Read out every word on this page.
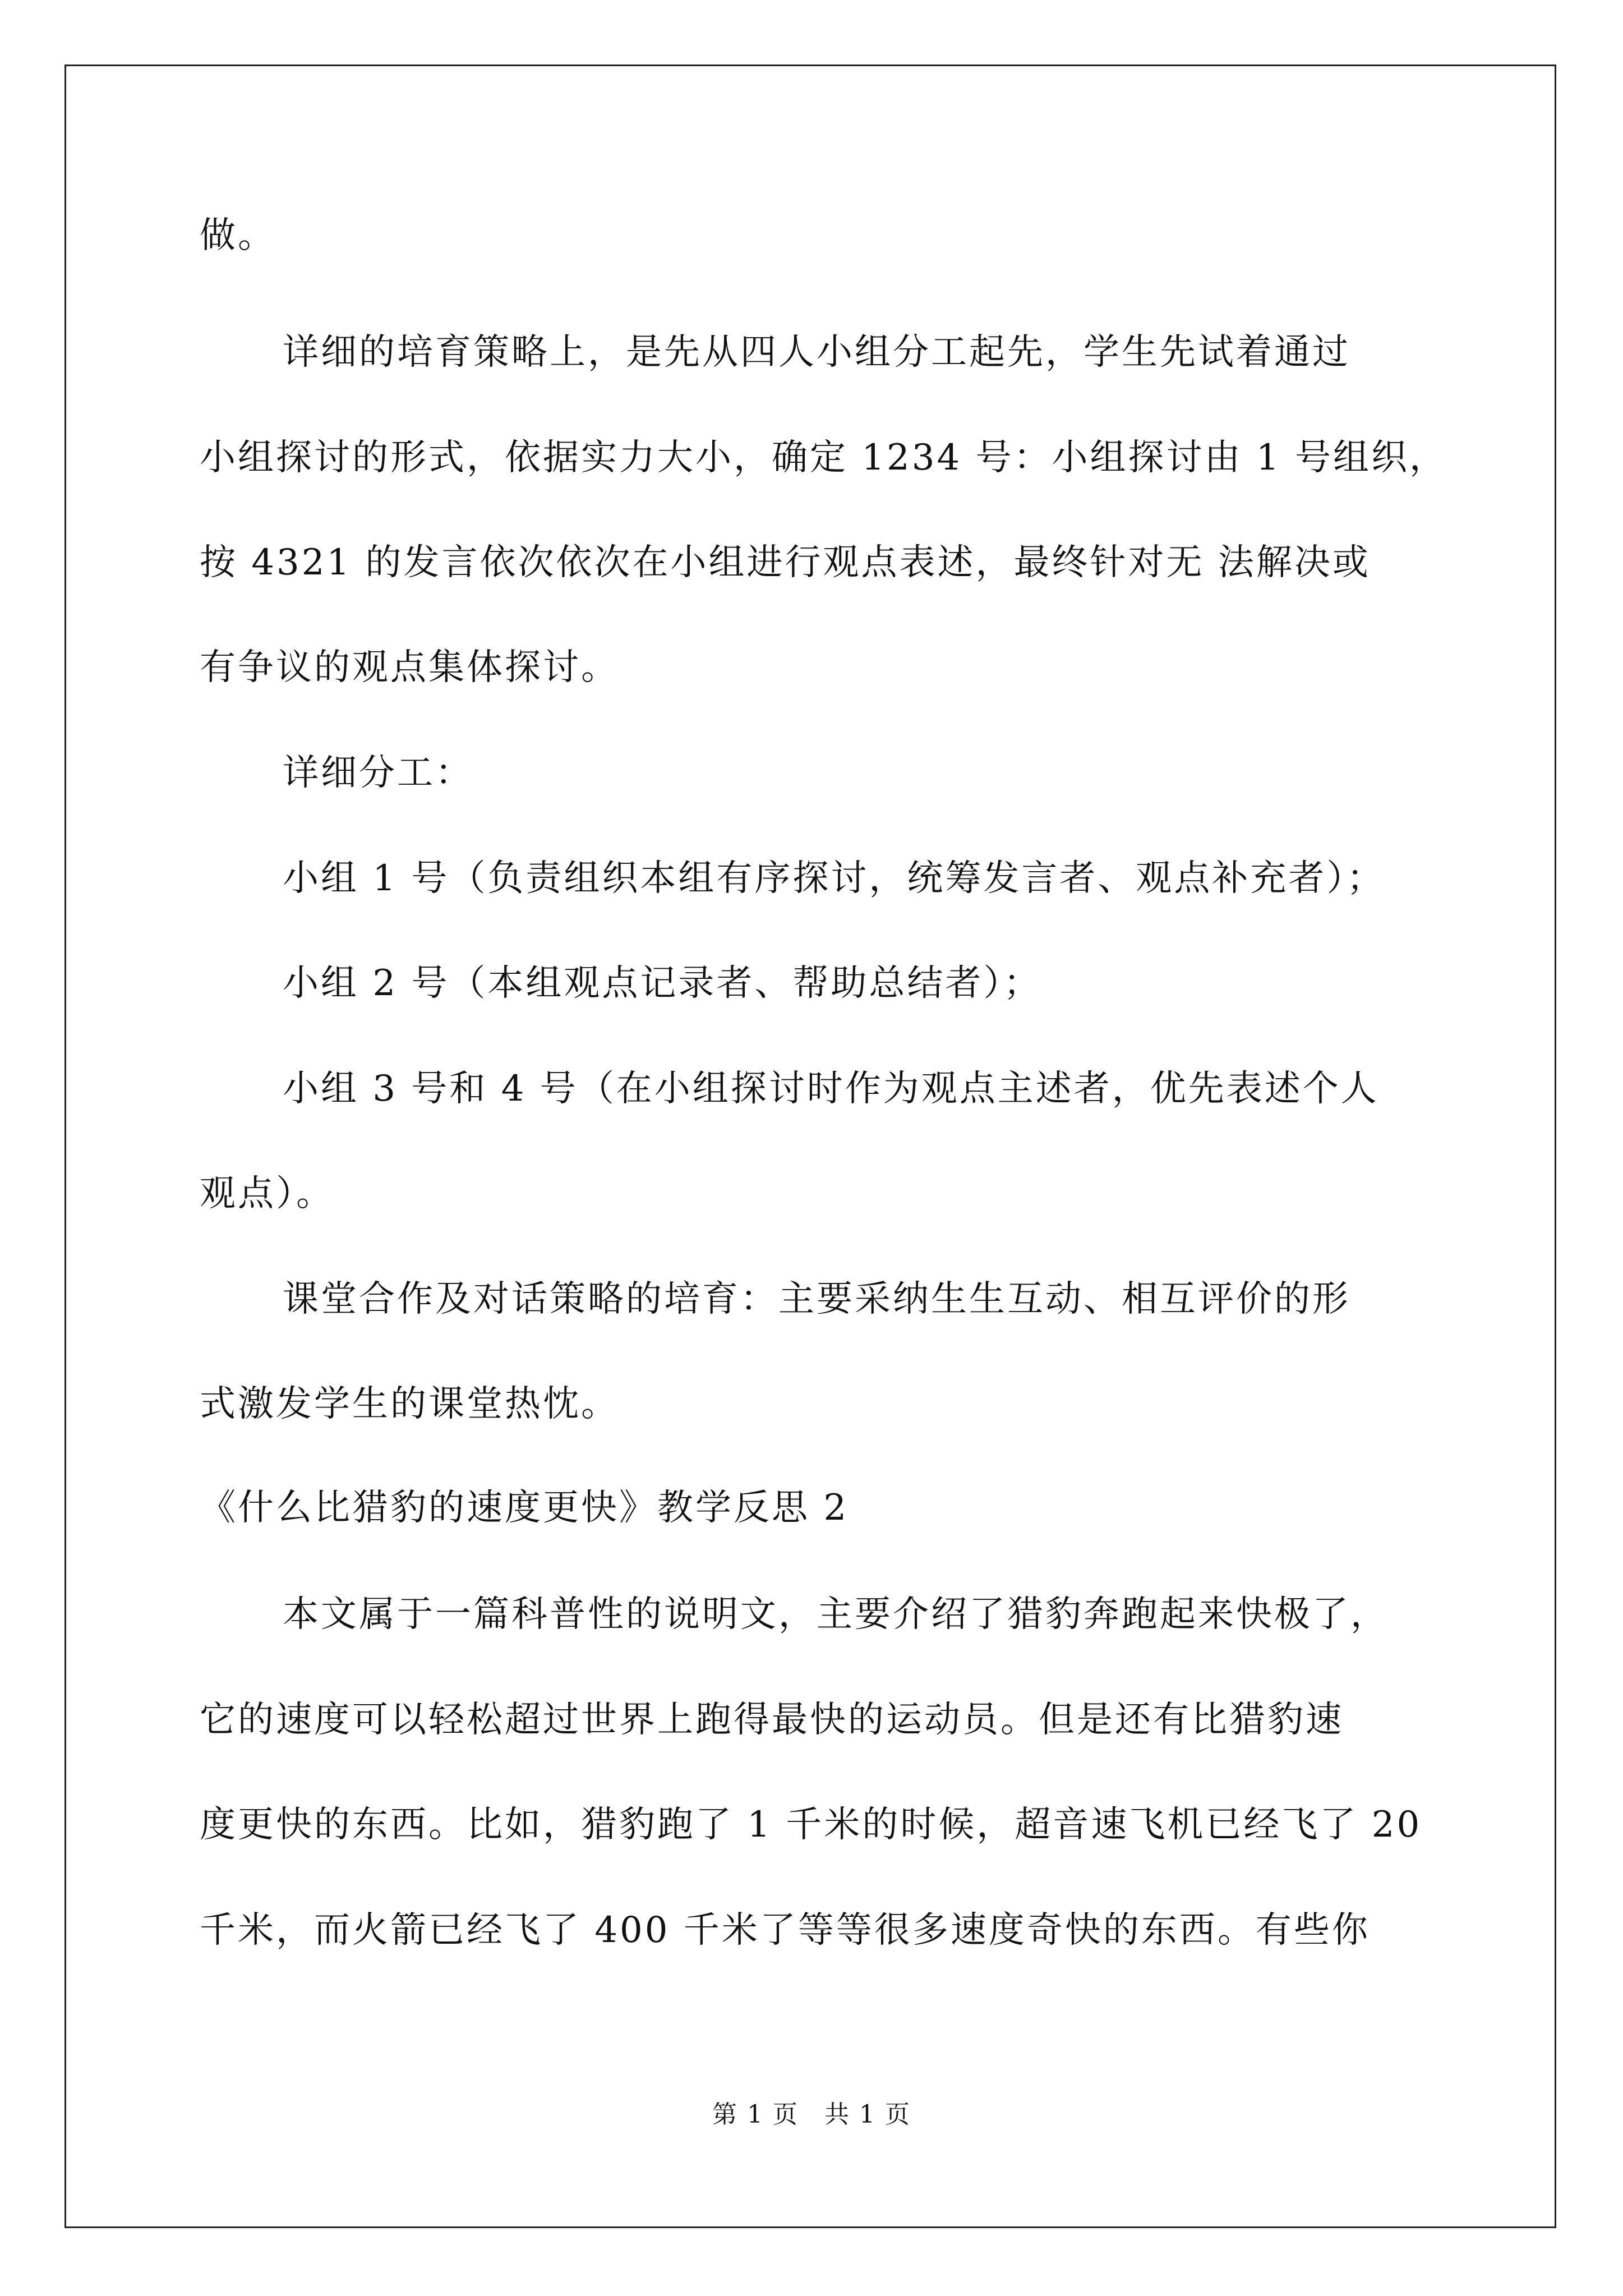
做。
详细的培育策略上，是先从四人小组分工起先，学生先试着通过
小组探讨的形式，依据实力大小，确定 1234 号：小组探讨由 1 号组织，
按 4321 的发言依次依次在小组进行观点表述，最终针对无 法解决或
有争议的观点集体探讨。
详细分工：
小组 1 号（负责组织本组有序探讨，统筹发言者、观点补充者）；
小组 2 号（本组观点记录者、帮助总结者）；
小组 3 号和 4 号（在小组探讨时作为观点主述者，优先表述个人
观点）。
课堂合作及对话策略的培育：主要采纳生生互动、相互评价的形
式激发学生的课堂热忱。
《什么比猎豹的速度更快》教学反思 2
本文属于一篇科普性的说明文，主要介绍了猎豹奔跑起来快极了，
它的速度可以轻松超过世界上跑得最快的运动员。但是还有比猎豹速
度更快的东西。比如，猎豹跑了 1 千米的时候，超音速飞机已经飞了 20
千米，而火箭已经飞了 400 千米了等等很多速度奇快的东西。有些你
第 1 页　共 1 页
